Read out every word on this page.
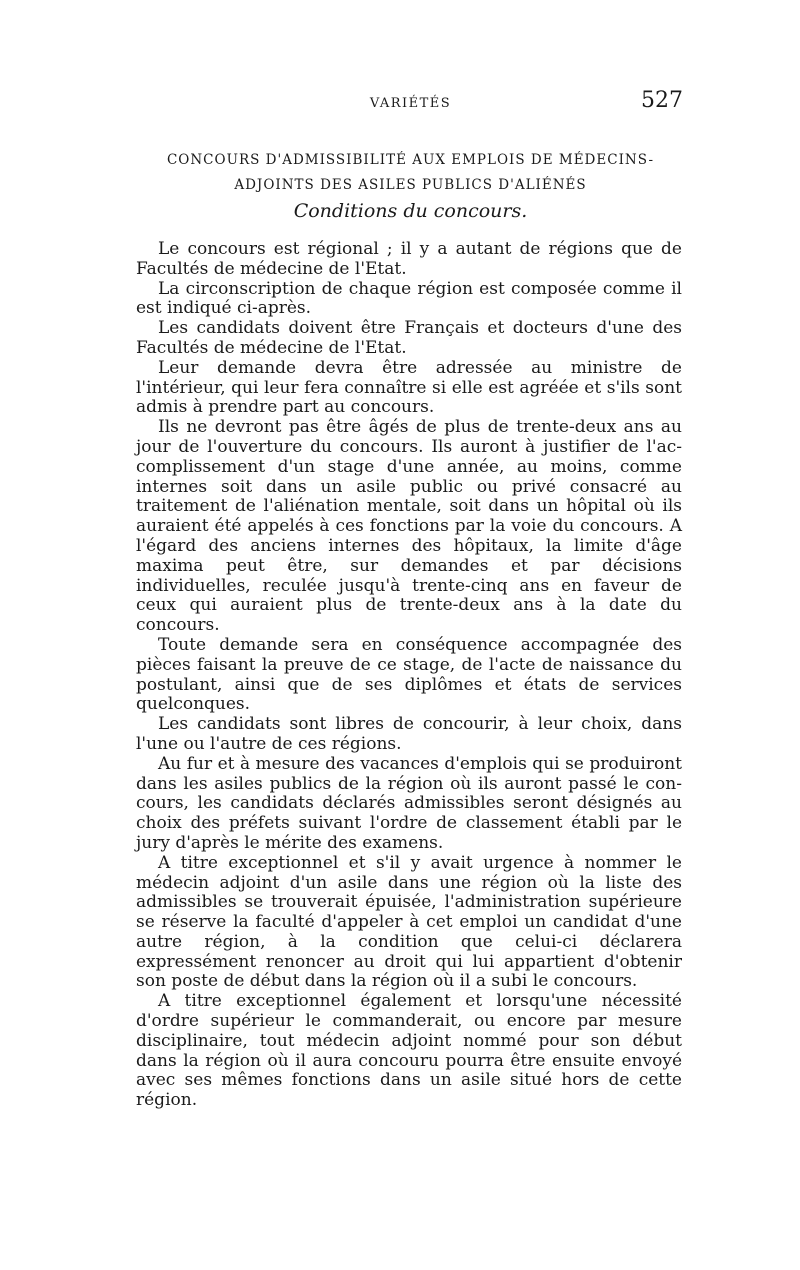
VARIÉTÉS	527
CONCOURS D'ADMISSIBILITÉ AUX EMPLOIS DE MÉDECINS-
ADJOINTS DES ASILES PUBLICS D'ALIÉNÉS
Conditions du concours.

Le concours est régional ; il y a autant de régions que de Facultés de médecine de l'Etat.

La circonscription de chaque région est composée comme il est indiqué ci-après.

Les candidats doivent être Français et docteurs d'une des Facultés de médecine de l'Etat.

Leur demande devra être adressée au ministre de l'intérieur, qui leur fera connaître si elle est agréée et s'ils sont admis à prendre part au concours.

Ils ne devront pas être âgés de plus de trente-deux ans au jour de l'ouverture du concours. Ils auront à justifier de l'accomplissement d'un stage d'une année, au moins, comme internes soit dans un asile public ou privé consacré au traitement de l'aliénation mentale, soit dans un hôpital où ils auraient été appelés à ces fonctions par la voie du concours. A l'égard des anciens internes des hôpitaux, la limite d'âge maxima peut être, sur demandes et par décisions individuelles, reculée jusqu'à trente-cinq ans en faveur de ceux qui auraient plus de trente-deux ans à la date du concours.

Toute demande sera en conséquence accompagnée des pièces faisant la preuve de ce stage, de l'acte de naissance du postulant, ainsi que de ses diplômes et états de services quelconques.

Les candidats sont libres de concourir, à leur choix, dans l'une ou l'autre de ces régions.

Au fur et à mesure des vacances d'emplois qui se produiront dans les asiles publics de la région où ils auront passé le concours, les candidats déclarés admissibles seront désignés au choix des préfets suivant l'ordre de classement établi par le jury d'après le mérite des examens.

A titre exceptionnel et s'il y avait urgence à nommer le médecin adjoint d'un asile dans une région où la liste des admissibles se trouverait épuisée, l'administration supérieure se réserve la faculté d'appeler à cet emploi un candidat d'une autre région, à la condition que celui-ci déclarera expressément renoncer au droit qui lui appartient d'obtenir son poste de début dans la région où il a subi le concours.

A titre exceptionnel également et lorsqu'une nécessité d'ordre supérieur le commanderait, ou encore par mesure disciplinaire, tout médecin adjoint nommé pour son début dans la région où il aura concouru pourra être ensuite envoyé avec ses mêmes fonctions dans un asile situé hors de cette région.
